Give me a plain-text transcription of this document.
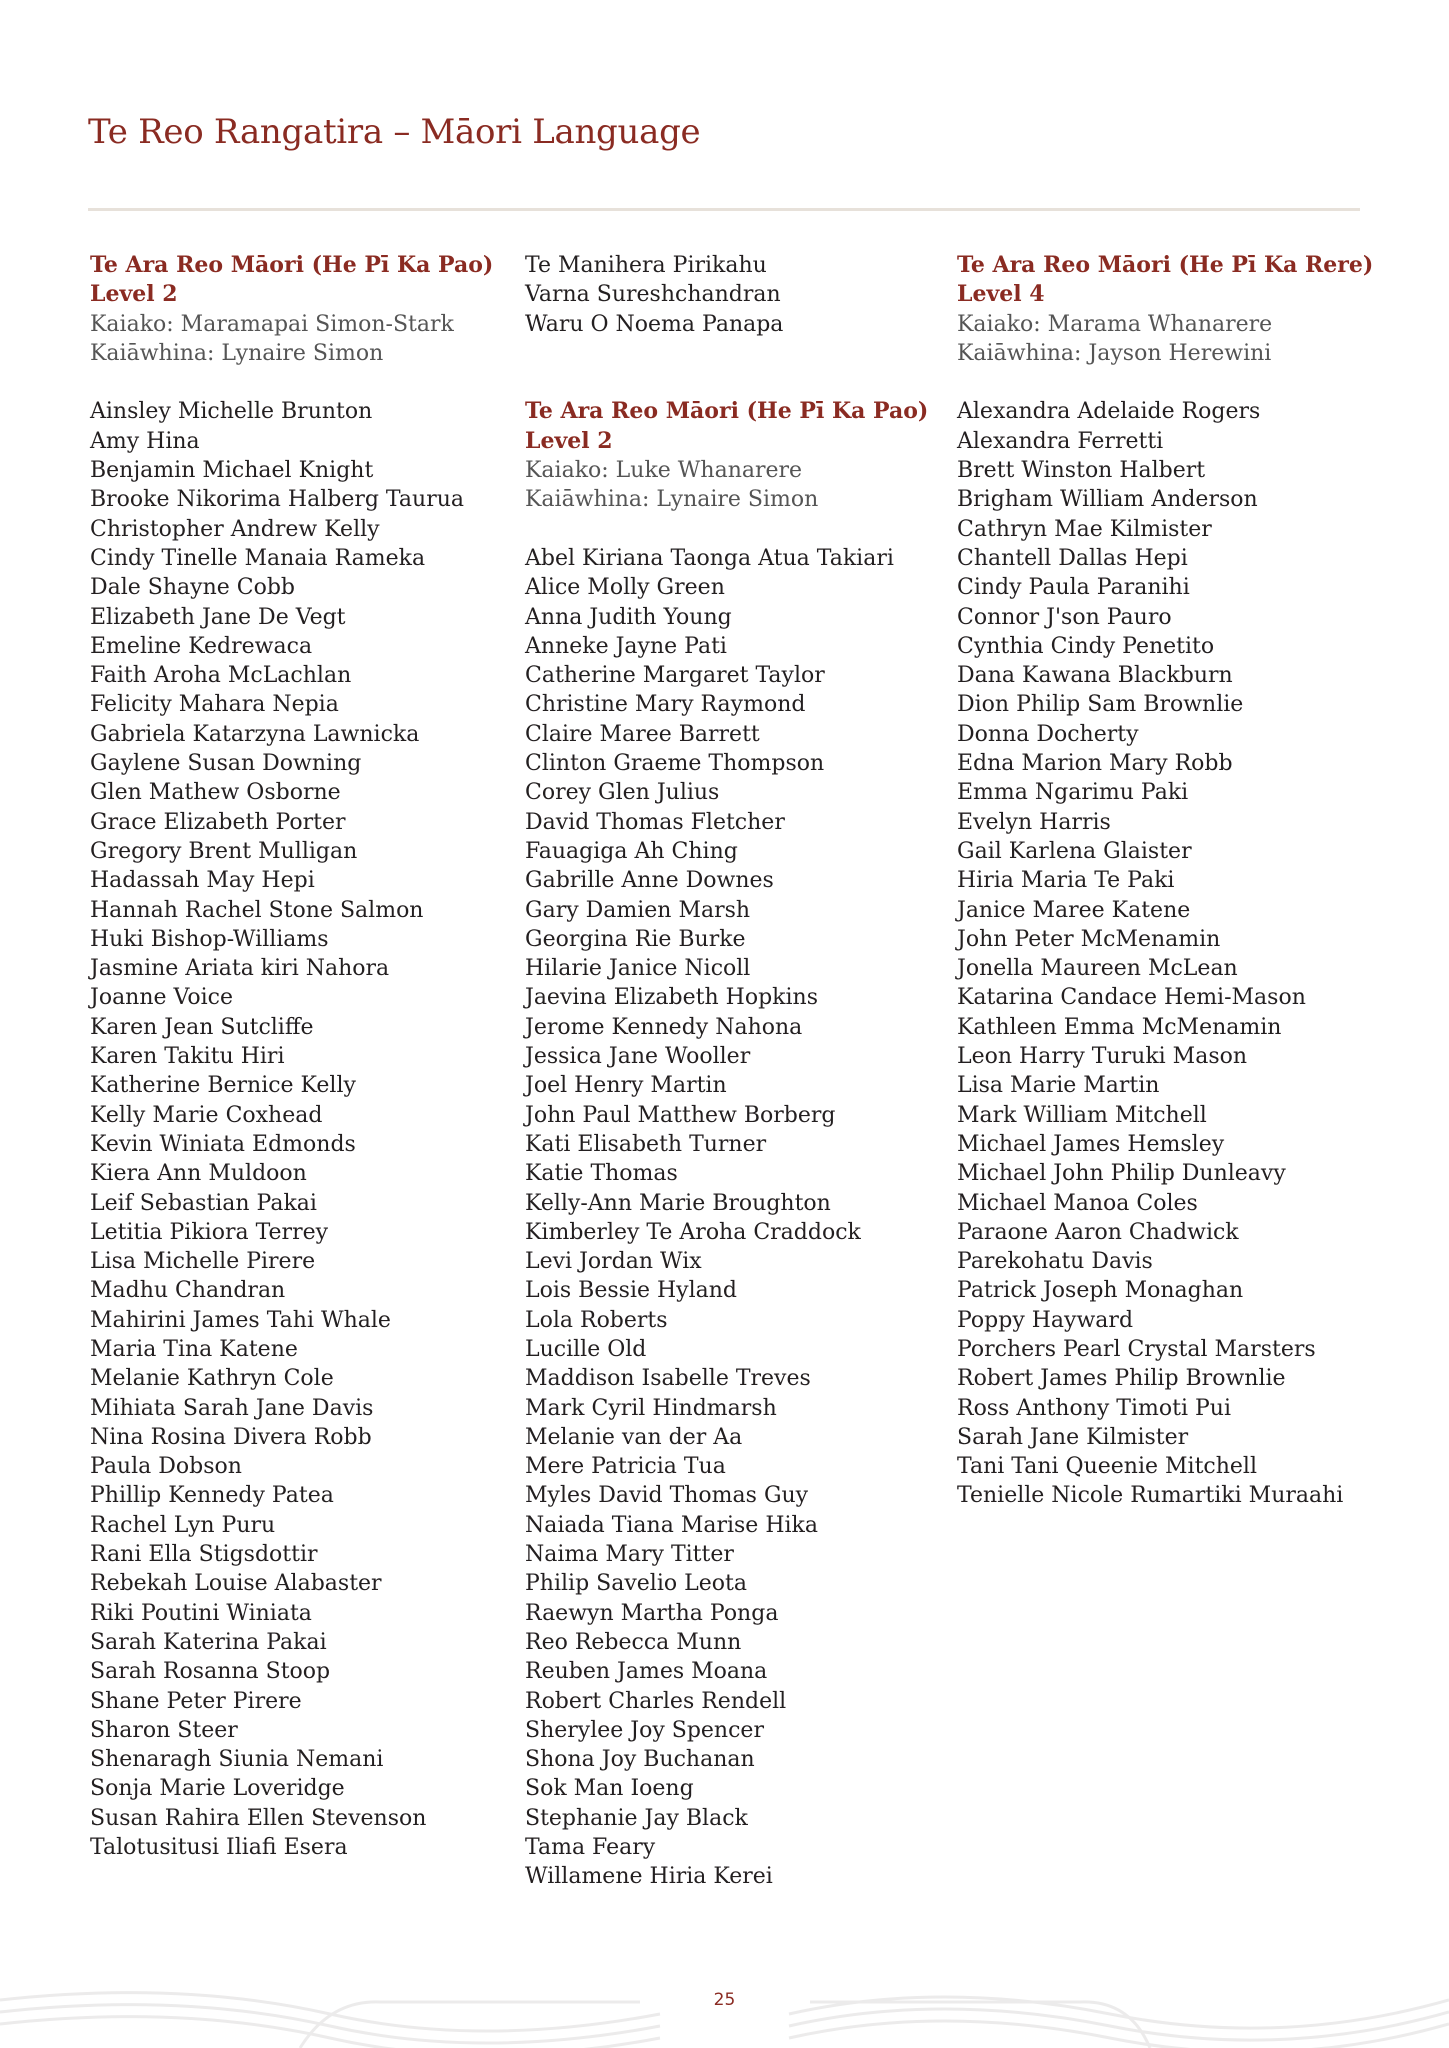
Te Reo Rangatira – Māori Language
Te Ara Reo Māori (He Pī Ka Pao)
Level 2
Kaiako: Maramapai Simon-Stark
Kaiāwhina: Lynaire Simon
Ainsley Michelle Brunton
Amy Hina
Benjamin Michael Knight
Brooke Nikorima Halberg Taurua
Christopher Andrew Kelly
Cindy Tinelle Manaia Rameka
Dale Shayne Cobb
Elizabeth Jane De Vegt
Emeline Kedrewaca
Faith Aroha McLachlan
Felicity Mahara Nepia
Gabriela Katarzyna Lawnicka
Gaylene Susan Downing
Glen Mathew Osborne
Grace Elizabeth Porter
Gregory Brent Mulligan
Hadassah May Hepi
Hannah Rachel Stone Salmon
Huki Bishop-Williams
Jasmine Ariata kiri Nahora
Joanne Voice
Karen Jean Sutcliffe
Karen Takitu Hiri
Katherine Bernice Kelly
Kelly Marie Coxhead
Kevin Winiata Edmonds
Kiera Ann Muldoon
Leif Sebastian Pakai
Letitia Pikiora Terrey
Lisa Michelle Pirere
Madhu Chandran
Mahirini James Tahi Whale
Maria Tina Katene
Melanie Kathryn Cole
Mihiata Sarah Jane Davis
Nina Rosina Divera Robb
Paula Dobson
Phillip Kennedy Patea
Rachel Lyn Puru
Rani Ella Stigsdottir
Rebekah Louise Alabaster
Riki Poutini Winiata
Sarah Katerina Pakai
Sarah Rosanna Stoop
Shane Peter Pirere
Sharon Steer
Shenaragh Siunia Nemani
Sonja Marie Loveridge
Susan Rahira Ellen Stevenson
Talotusitusi Iliafi Esera
Te Manihera Pirikahu
Varna Sureshchandran
Waru O Noema Panapa
Te Ara Reo Māori (He Pī Ka Pao)
Level 2
Kaiako: Luke Whanarere
Kaiāwhina: Lynaire Simon
Abel Kiriana Taonga Atua Takiari
Alice Molly Green
Anna Judith Young
Anneke Jayne Pati
Catherine Margaret Taylor
Christine Mary Raymond
Claire Maree Barrett
Clinton Graeme Thompson
Corey Glen Julius
David Thomas Fletcher
Fauagiga Ah Ching
Gabrille Anne Downes
Gary Damien Marsh
Georgina Rie Burke
Hilarie Janice Nicoll
Jaevina Elizabeth Hopkins
Jerome Kennedy Nahona
Jessica Jane Wooller
Joel Henry Martin
John Paul Matthew Borberg
Kati Elisabeth Turner
Katie Thomas
Kelly-Ann Marie Broughton
Kimberley Te Aroha Craddock
Levi Jordan Wix
Lois Bessie Hyland
Lola Roberts
Lucille Old
Maddison Isabelle Treves
Mark Cyril Hindmarsh
Melanie van der Aa
Mere Patricia Tua
Myles David Thomas Guy
Naiada Tiana Marise Hika
Naima Mary Titter
Philip Savelio Leota
Raewyn Martha Ponga
Reo Rebecca Munn
Reuben James Moana
Robert Charles Rendell
Sherylee Joy Spencer
Shona Joy Buchanan
Sok Man Ioeng
Stephanie Jay Black
Tama Feary
Willamene Hiria Kerei
Te Ara Reo Māori (He Pī Ka Rere)
Level 4
Kaiako: Marama Whanarere
Kaiāwhina: Jayson Herewini
Alexandra Adelaide Rogers
Alexandra Ferretti
Brett Winston Halbert
Brigham William Anderson
Cathryn Mae Kilmister
Chantell Dallas Hepi
Cindy Paula Paranihi
Connor J'son Pauro
Cynthia Cindy Penetito
Dana Kawana Blackburn
Dion Philip Sam Brownlie
Donna Docherty
Edna Marion Mary Robb
Emma Ngarimu Paki
Evelyn Harris
Gail Karlena Glaister
Hiria Maria Te Paki
Janice Maree Katene
John Peter McMenamin
Jonella Maureen McLean
Katarina Candace Hemi-Mason
Kathleen Emma McMenamin
Leon Harry Turuki Mason
Lisa Marie Martin
Mark William Mitchell
Michael James Hemsley
Michael John Philip Dunleavy
Michael Manoa Coles
Paraone Aaron Chadwick
Parekohatu Davis
Patrick Joseph Monaghan
Poppy Hayward
Porchers Pearl Crystal Marsters
Robert James Philip Brownlie
Ross Anthony Timoti Pui
Sarah Jane Kilmister
Tani Tani Queenie Mitchell
Tenielle Nicole Rumartiki Muraahi
25
